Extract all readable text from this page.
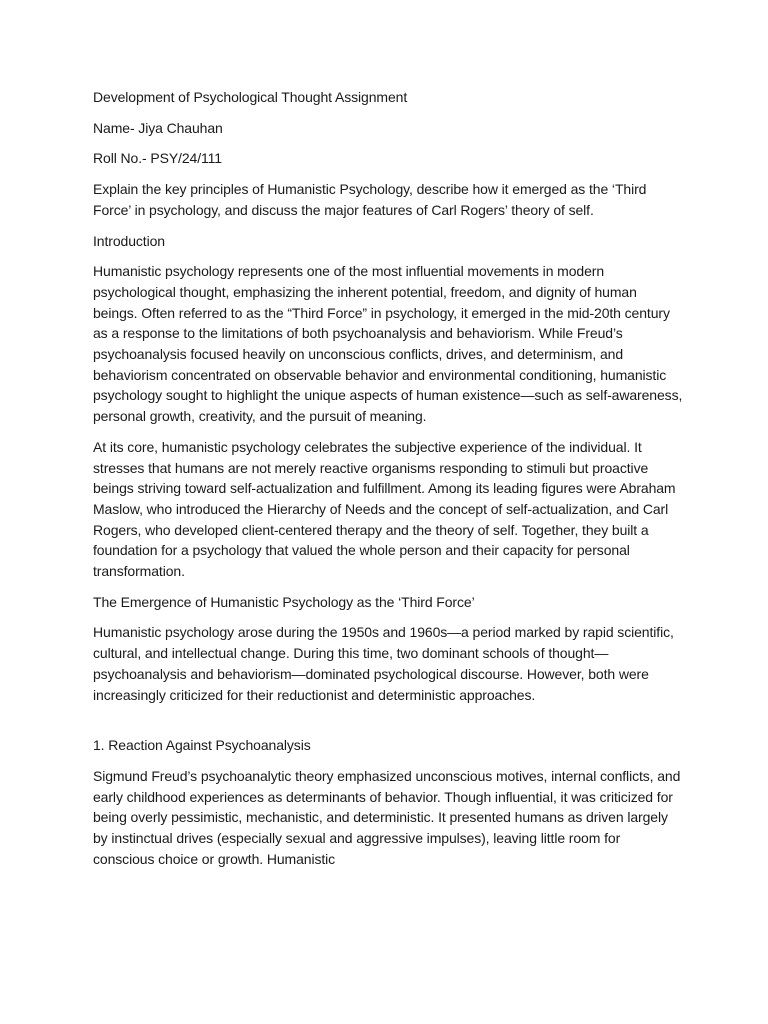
Development of Psychological Thought Assignment

Name- Jiya Chauhan

Roll No.- PSY/24/111

Explain the key principles of Humanistic Psychology, describe how it emerged as the ‘Third Force’ in psychology, and discuss the major features of Carl Rogers’ theory of self.

Introduction

Humanistic psychology represents one of the most influential movements in modern psychological thought, emphasizing the inherent potential, freedom, and dignity of human beings. Often referred to as the “Third Force” in psychology, it emerged in the mid-20th century as a response to the limitations of both psychoanalysis and behaviorism. While Freud’s psychoanalysis focused heavily on unconscious conflicts, drives, and determinism, and behaviorism concentrated on observable behavior and environmental conditioning, humanistic psychology sought to highlight the unique aspects of human existence—such as self-awareness, personal growth, creativity, and the pursuit of meaning.

At its core, humanistic psychology celebrates the subjective experience of the individual. It stresses that humans are not merely reactive organisms responding to stimuli but proactive beings striving toward self-actualization and fulfillment. Among its leading figures were Abraham Maslow, who introduced the Hierarchy of Needs and the concept of self-actualization, and Carl Rogers, who developed client-centered therapy and the theory of self. Together, they built a foundation for a psychology that valued the whole person and their capacity for personal transformation.

The Emergence of Humanistic Psychology as the ‘Third Force’

Humanistic psychology arose during the 1950s and 1960s—a period marked by rapid scientific, cultural, and intellectual change. During this time, two dominant schools of thought—psychoanalysis and behaviorism—dominated psychological discourse. However, both were increasingly criticized for their reductionist and deterministic approaches.

1. Reaction Against Psychoanalysis

Sigmund Freud’s psychoanalytic theory emphasized unconscious motives, internal conflicts, and early childhood experiences as determinants of behavior. Though influential, it was criticized for being overly pessimistic, mechanistic, and deterministic. It presented humans as driven largely by instinctual drives (especially sexual and aggressive impulses), leaving little room for conscious choice or growth. Humanistic
